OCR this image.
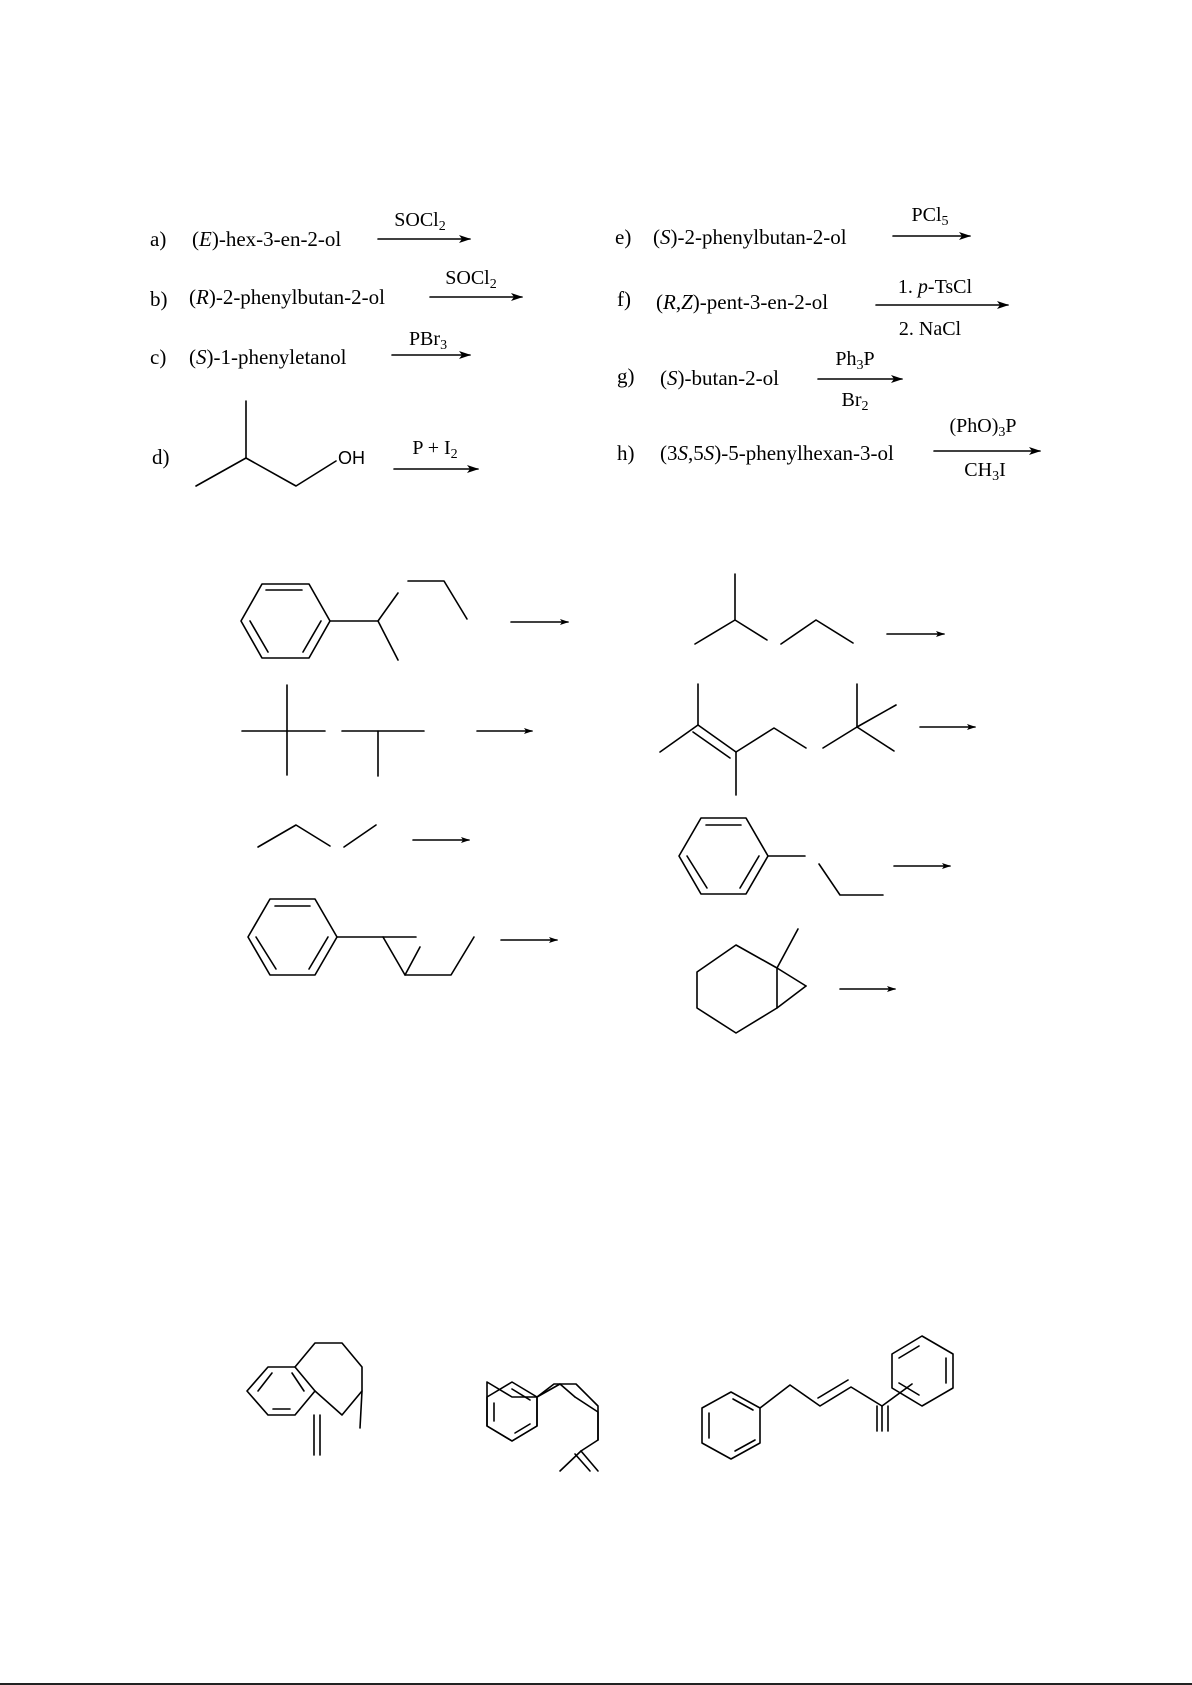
a) (E)-hex-3-en-2-ol
SOCl$_2$
b) (R)-2-phenylbutan-2-ol
SOCl$_2$
c) (S)-1-phenyletanol
PBr$_3$
d)	OH	$P + I_2$
e) (S)-2-phenylbutan-2-ol
PCl$_5$
f) (R,Z)-pent-3-en-2-ol
1. p-TsCl
2. NaCl
g) (S)-butan-2-ol
$Ph_3P$
$Br_2$
h) (3S,5S)-5-phenylhexan-3-ol
$(PhO)_3P$
$CH_3I$
